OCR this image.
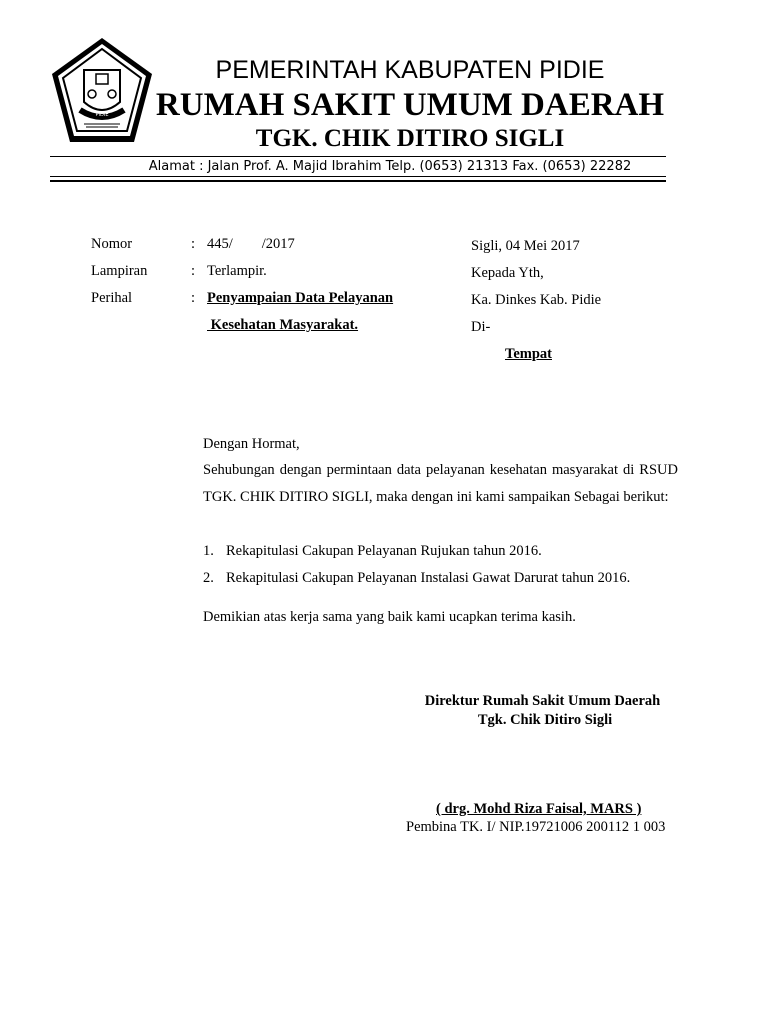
PIDIE
PEMERINTAH KABUPATEN PIDIE
RUMAH SAKIT UMUM DAERAH
TGK. CHIK DITIRO SIGLI
Alamat : Jalan Prof. A. Majid Ibrahim Telp. (0653) 21313 Fax. (0653) 22282
Nomor	: 445/        /2017
Lampiran	: Terlampir.
Perihal	: Penyampaian Data Pelayanan
Kesehatan Masyarakat.
Sigli, 04 Mei 2017
Kepada Yth,
Ka. Dinkes Kab. Pidie
Di-
Tempat
Dengan Hormat,
Sehubungan dengan permintaan data pelayanan kesehatan masyarakat di RSUD TGK. CHIK DITIRO SIGLI, maka dengan ini kami sampaikan Sebagai berikut:
1. Rekapitulasi Cakupan Pelayanan Rujukan tahun 2016.
2. Rekapitulasi Cakupan Pelayanan Instalasi Gawat Darurat tahun 2016.
Demikian atas kerja sama yang baik kami ucapkan terima kasih.
Direktur Rumah Sakit Umum Daerah
Tgk. Chik Ditiro Sigli
( drg. Mohd Riza Faisal, MARS )
Pembina TK. I/ NIP.19721006 200112 1 003
